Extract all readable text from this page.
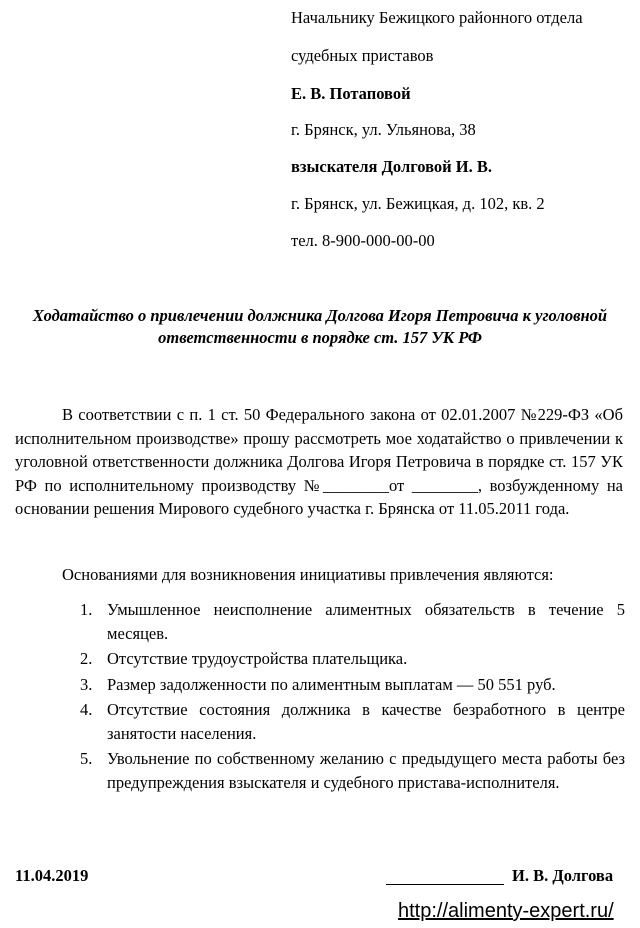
Начальнику Бежицкого районного отдела
судебных приставов
Е. В. Потаповой
г. Брянск, ул. Ульянова, 38
взыскателя Долговой И. В.
г. Брянск, ул. Бежицкая, д. 102, кв. 2
тел. 8-900-000-00-00
Ходатайство о привлечении должника Долгова Игоря Петровича к уголовной ответственности в порядке ст. 157 УК РФ
В соответствии с п. 1 ст. 50 Федерального закона от 02.01.2007 №229-ФЗ «Об исполнительном производстве» прошу рассмотреть мое ходатайство о привлечении к уголовной ответственности должника Долгова Игоря Петровича в порядке ст. 157 УК РФ по исполнительному производству №________от ________, возбужденному на основании решения Мирового судебного участка г. Брянска от 11.05.2011 года.
Основаниями для возникновения инициативы привлечения являются:
1. Умышленное неисполнение алиментных обязательств в течение 5 месяцев.
2. Отсутствие трудоустройства плательщика.
3. Размер задолженности по алиментным выплатам — 50 551 руб.
4. Отсутствие состояния должника в качестве безработного в центре занятости населения.
5. Увольнение по собственному желанию с предыдущего места работы без предупреждения взыскателя и судебного пристава-исполнителя.
11.04.2019	И. В. Долгова
http://alimenty-expert.ru/
